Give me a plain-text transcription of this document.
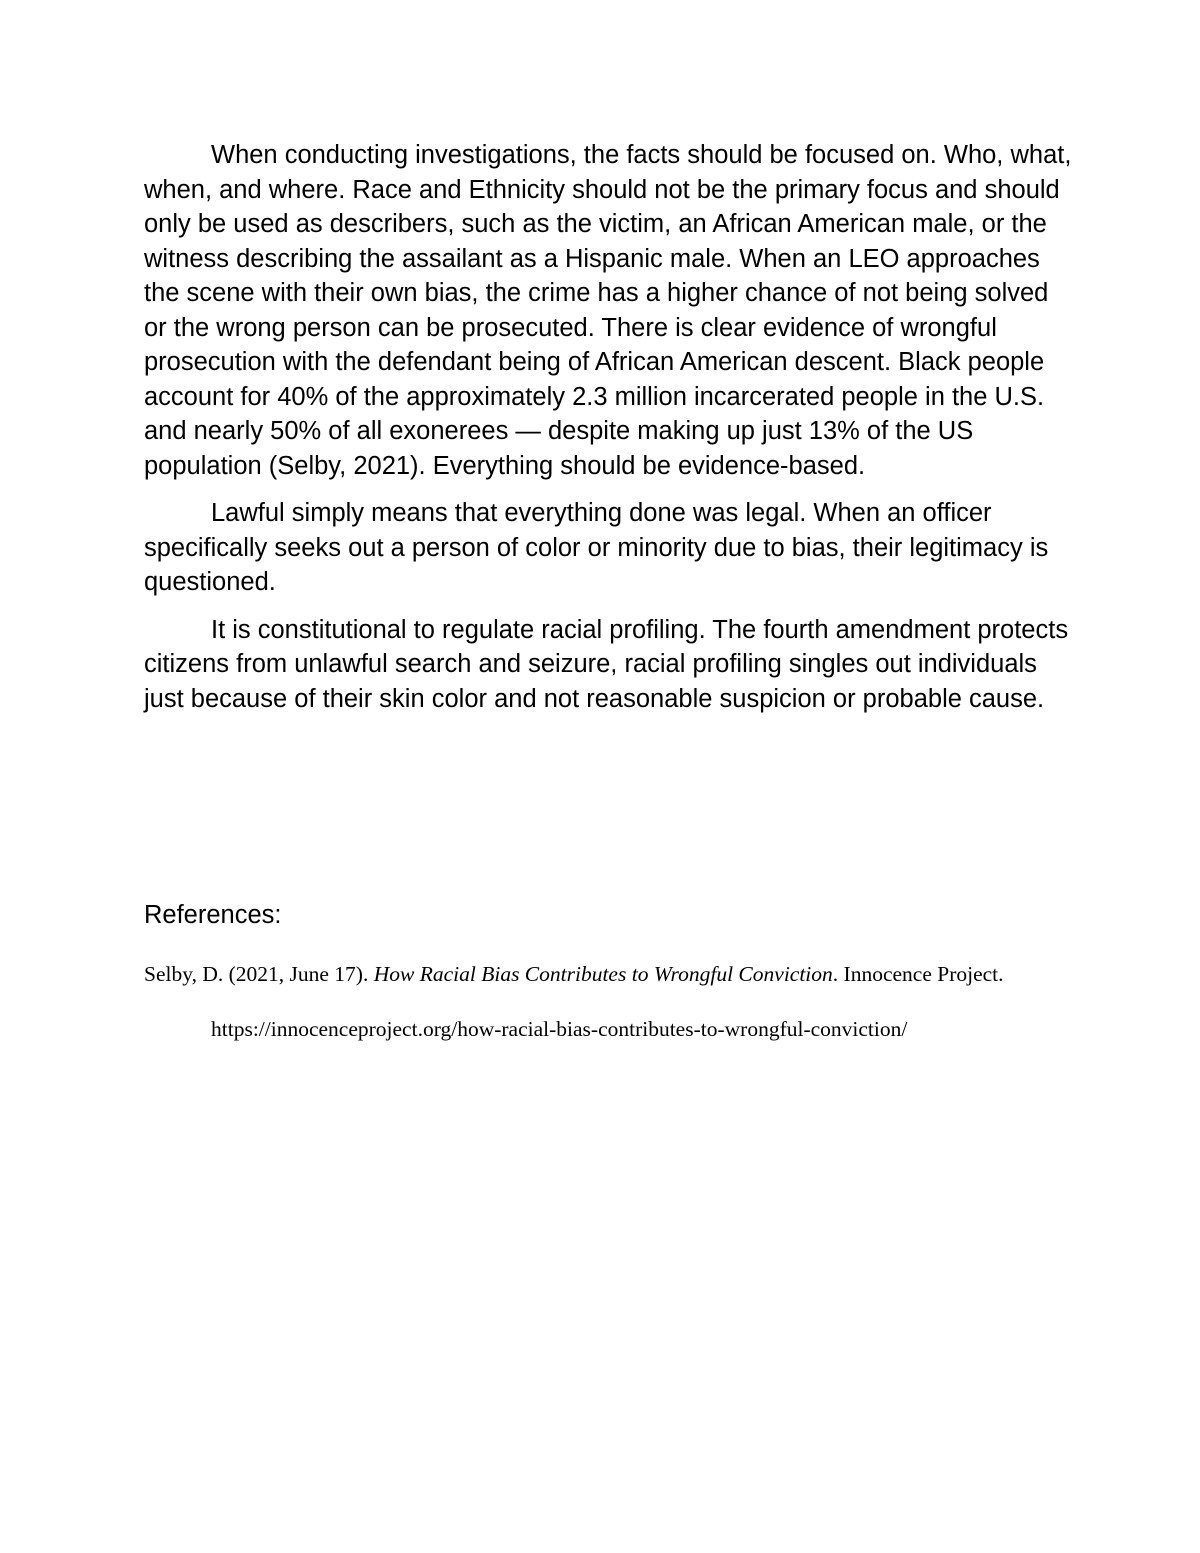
When conducting investigations, the facts should be focused on. Who, what, when, and where. Race and Ethnicity should not be the primary focus and should only be used as describers, such as the victim, an African American male, or the witness describing the assailant as a Hispanic male. When an LEO approaches the scene with their own bias, the crime has a higher chance of not being solved or the wrong person can be prosecuted. There is clear evidence of wrongful prosecution with the defendant being of African American descent. Black people account for 40% of the approximately 2.3 million incarcerated people in the U.S. and nearly 50% of all exonerees — despite making up just 13% of the US population (Selby, 2021). Everything should be evidence-based.

Lawful simply means that everything done was legal. When an officer specifically seeks out a person of color or minority due to bias, their legitimacy is questioned.

It is constitutional to regulate racial profiling. The fourth amendment protects citizens from unlawful search and seizure, racial profiling singles out individuals just because of their skin color and not reasonable suspicion or probable cause.

References:

Selby, D. (2021, June 17). How Racial Bias Contributes to Wrongful Conviction. Innocence Project. https://innocenceproject.org/how-racial-bias-contributes-to-wrongful-conviction/
